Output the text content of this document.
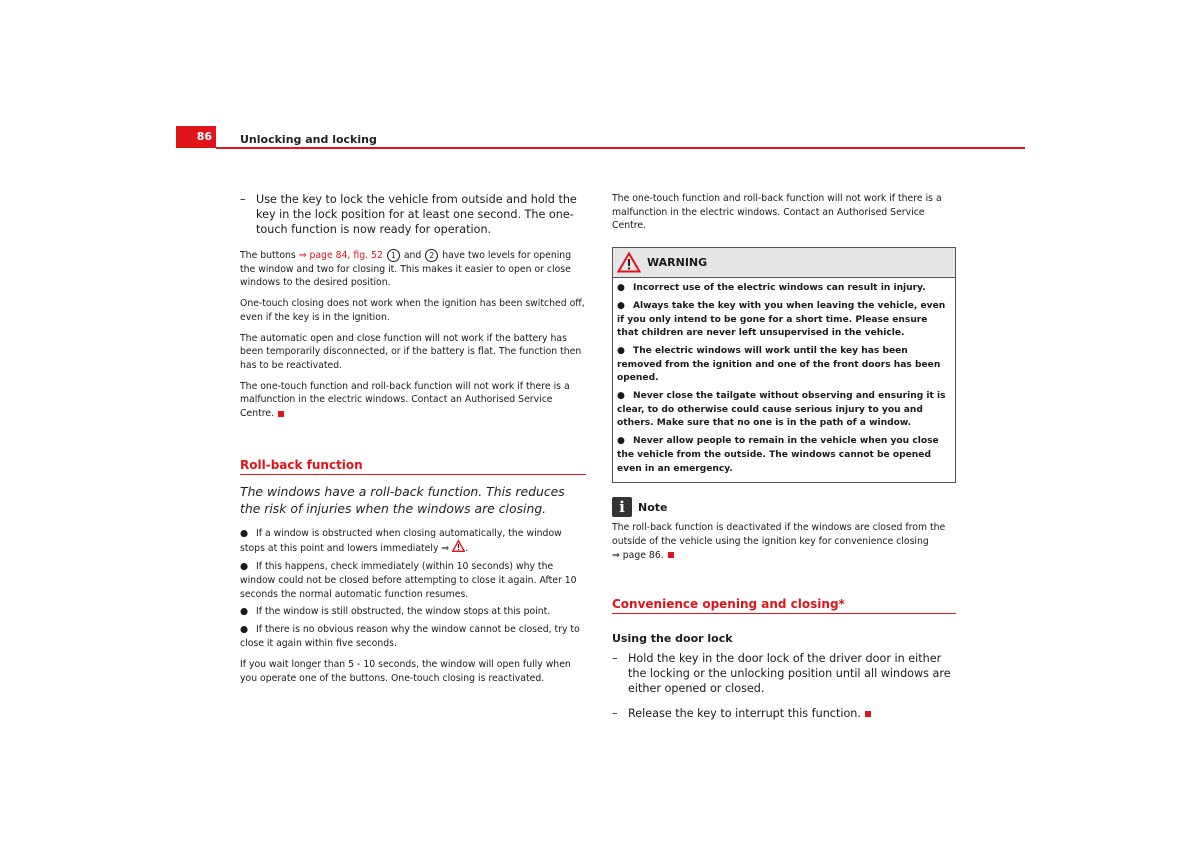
86	Unlocking and locking
– Use the key to lock the vehicle from outside and hold the key in the lock position for at least one second. The one-touch function is now ready for operation.

The buttons ⇒ page 84, fig. 52 1 and 2 have two levels for opening the window and two for closing it. This makes it easier to open or close windows to the desired position.

One-touch closing does not work when the ignition has been switched off, even if the key is in the ignition.

The automatic open and close function will not work if the battery has been temporarily disconnected, or if the battery is flat. The function then has to be reactivated.

The one-touch function and roll-back function will not work if there is a malfunction in the electric windows. Contact an Authorised Service Centre.

Roll-back function
The windows have a roll-back function. This reduces the risk of injuries when the windows are closing.
● If a window is obstructed when closing automatically, the window stops at this point and lowers immediately ⇒ .
● If this happens, check immediately (within 10 seconds) why the window could not be closed before attempting to close it again. After 10 seconds the normal automatic function resumes.
● If the window is still obstructed, the window stops at this point.
● If there is no obvious reason why the window cannot be closed, try to close it again within five seconds.

If you wait longer than 5 - 10 seconds, the window will open fully when you operate one of the buttons. One-touch closing is reactivated.

The one-touch function and roll-back function will not work if there is a malfunction in the electric windows. Contact an Authorised Service Centre.

WARNING
● Incorrect use of the electric windows can result in injury.
● Always take the key with you when leaving the vehicle, even if you only intend to be gone for a short time. Please ensure that children are never left unsupervised in the vehicle.
● The electric windows will work until the key has been removed from the ignition and one of the front doors has been opened.
● Never close the tailgate without observing and ensuring it is clear, to do otherwise could cause serious injury to you and others. Make sure that no one is in the path of a window.
● Never allow people to remain in the vehicle when you close the vehicle from the outside. The windows cannot be opened even in an emergency.
i	Note

The roll-back function is deactivated if the windows are closed from the outside of the vehicle using the ignition key for convenience closing
⇒ page 86.

Convenience opening and closing*
Using the door lock
– Hold the key in the door lock of the driver door in either the locking or the unlocking position until all windows are either opened or closed.
– Release the key to interrupt this function.
